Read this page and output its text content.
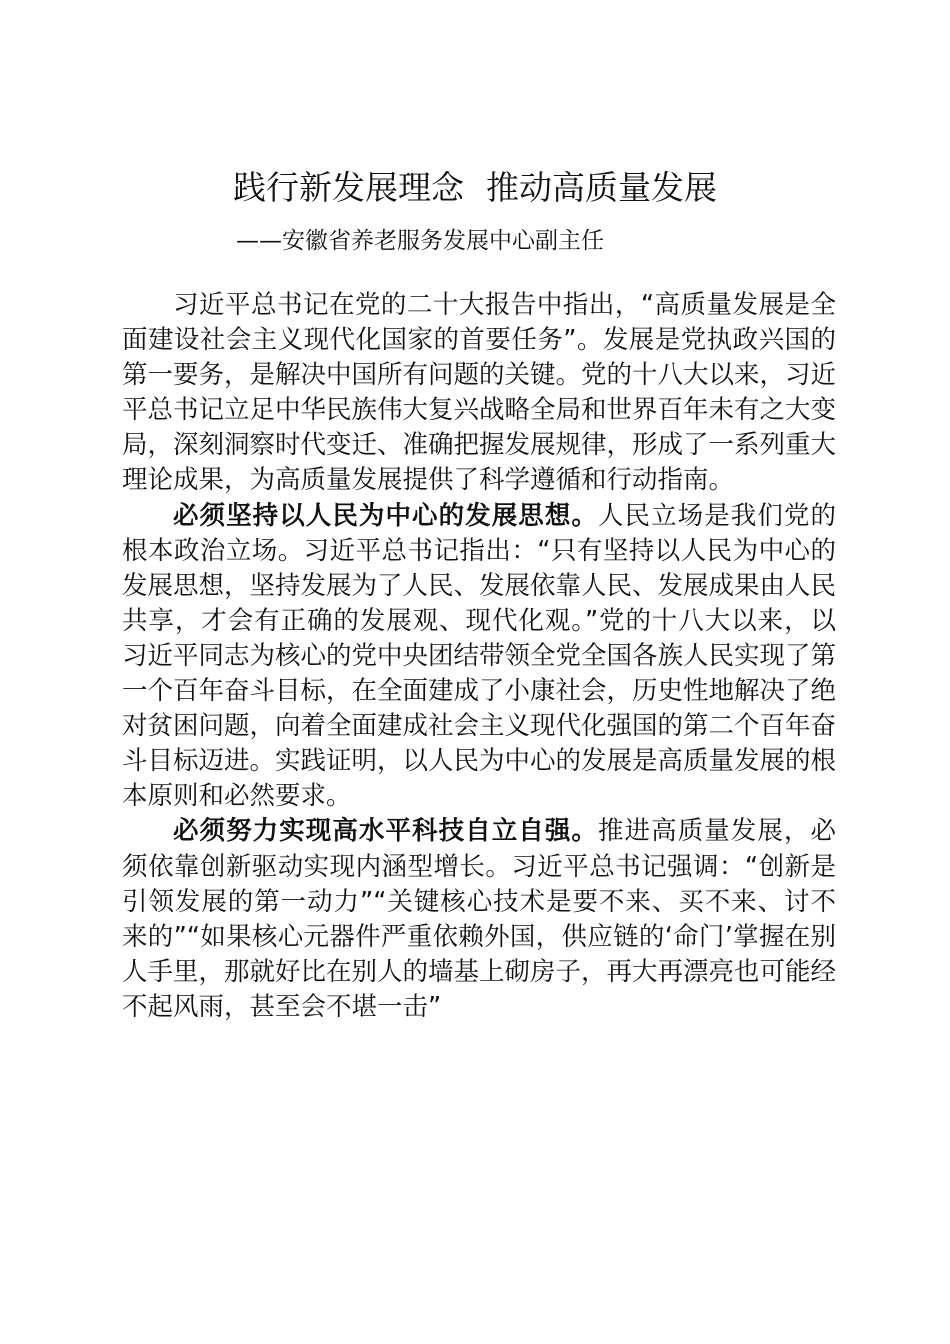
践行新发展理念 推动高质量发展
——安徽省养老服务发展中心副主任

习近平总书记在党的二十大报告中指出，“高质量发展是全面建设社会主义现代化国家的首要任务”。发展是党执政兴国的第一要务，是解决中国所有问题的关键。党的十八大以来，习近平总书记立足中华民族伟大复兴战略全局和世界百年未有之大变局，深刻洞察时代变迁、准确把握发展规律，形成了一系列重大理论成果，为高质量发展提供了科学遵循和行动指南。

必须坚持以人民为中心的发展思想。人民立场是我们党的根本政治立场。习近平总书记指出：“只有坚持以人民为中心的发展思想，坚持发展为了人民、发展依靠人民、发展成果由人民共享，才会有正确的发展观、现代化观。”党的十八大以来，以习近平同志为核心的党中央团结带领全党全国各族人民实现了第一个百年奋斗目标，在全面建成了小康社会，历史性地解决了绝对贫困问题，向着全面建成社会主义现代化强国的第二个百年奋斗目标迈进。实践证明，以人民为中心的发展是高质量发展的根本原则和必然要求。

必须努力实现高水平科技自立自强。推进高质量发展，必须依靠创新驱动实现内涵型增长。习近平总书记强调：“创新是引领发展的第一动力”“关键核心技术是要不来、买不来、讨不来的”“如果核心元器件严重依赖外国，供应链的‘命门’掌握在别人手里，那就好比在别人的墙基上砌房子，再大再漂亮也可能经不起风雨，甚至会不堪一击”
